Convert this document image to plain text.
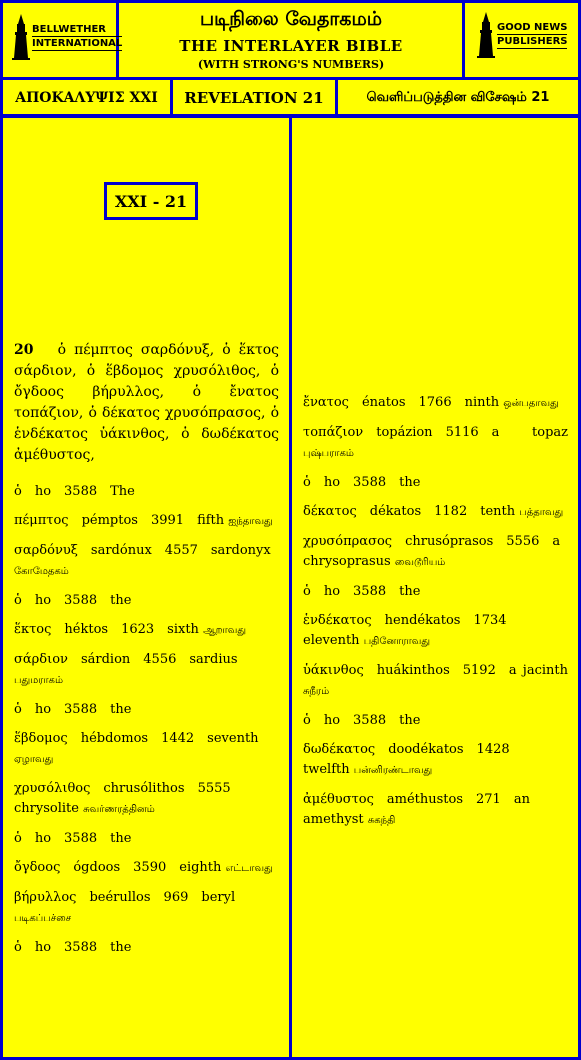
BELLWETHER
INTERNATIONAL
GOOD NEWS
PUBLISHERS
படிநிலை வேதாகமம்
THE INTERLAYER BIBLE
(WITH STRONG'S NUMBERS)
ΑΠΟΚΑΛΥΨΙΣ XXI	REVELATION 21	வெளிப்படுத்தின விசேஷம் 21
XXI - 21
20 ὁ πέμπτος σαρδόνυξ, ὁ ἕκτος σάρδιον, ὁ ἕβδομος χρυσόλιθος, ὁ ὄγδοος βήρυλλος, ὁ ἔνατος τοπάζιον, ὁ δέκατος χρυσόπρασος, ὁ ἑνδέκατος ὑάκινθος, ὁ δωδέκατος ἀμέθυστος,
ὁ   ho   3588   The
πέμπτος   pémptos   3991   fifth ஐந்தாவது
σαρδόνυξ   sardónux   4557   sardonyx கோமேதகம்
ὁ   ho   3588   the
ἕκτος   héktos   1623   sixth ஆறாவது
σάρδιον   sárdion   4556   sardius பதுமராகம்
ὁ   ho   3588   the
ἕβδομος   hébdomos   1442   seventh ஏழாவது
χρυσόλιθος   chrusólithos   5555  chrysolite சுவர்ணரத்தினம்
ὁ   ho   3588   the
ὄγδοος   ógdoos   3590   eighth எட்டாவது
βήρυλλος   beérullos   969   beryl படிகப்பச்சை
ὁ   ho   3588   the
ἔνατος   énatos   1766   ninth ஒன்பதாவது
τοπάζιον   topázion   5116   a topaz புஷ்பராகம்
ὁ   ho   3588   the
δέκατος   dékatos   1182   tenth பத்தாவது
χρυσόπρασος   chrusóprasos   5556   a chrysoprasus வைடூரியம்
ὁ   ho   3588   the
ἑνδέκατος   hendékatos   1734  eleventh பதினோராவது
ὑάκινθος   huákinthos   5192   a jacinth சுநீரம்
ὁ   ho   3588   the
δωδέκατος   doodékatos   1428  twelfth பன்னிரண்டாவது
ἀμέθυστος   améthustos   271   an amethyst சுகந்தி
